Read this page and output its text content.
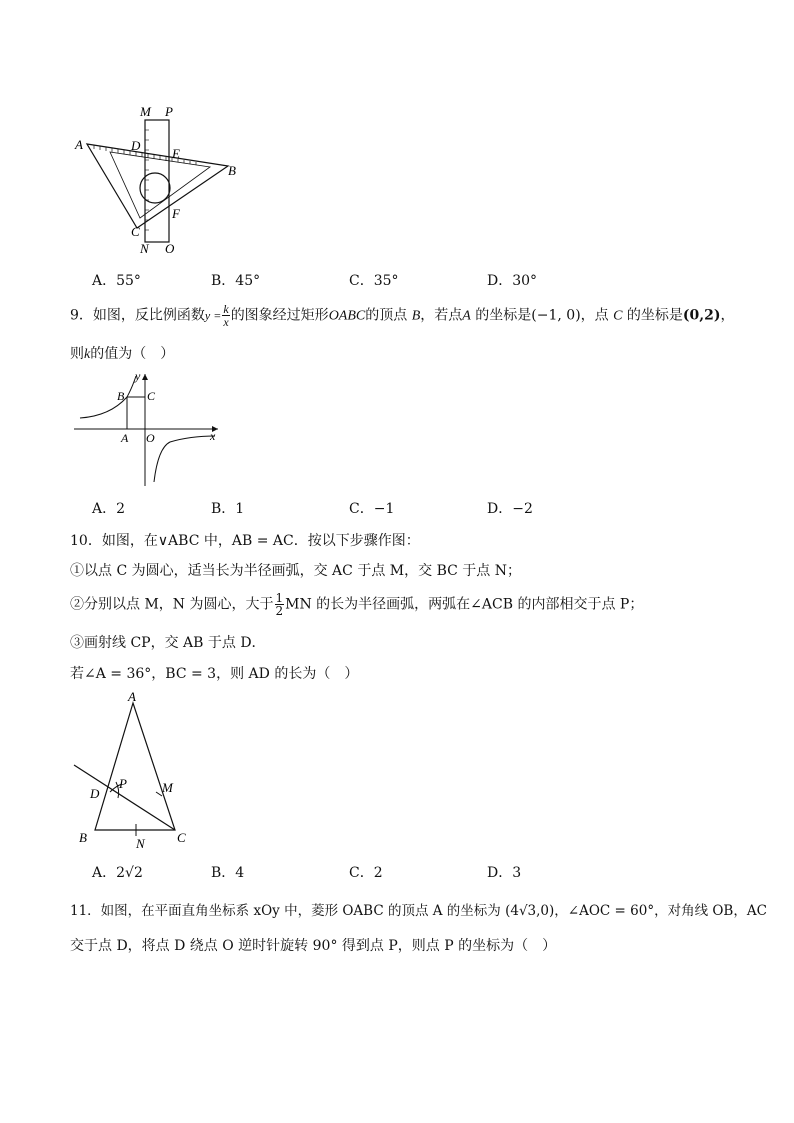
M P
A	D
E
B
C
F
N O
A．55°	B．45°	C．35°	D．30°
9．如图，反比例函数$y = \frac{k}{x}$ 的图象经过矩形OABC的顶点 B，若点A 的坐标是(−1, 0)，点 C 的坐标是(0,2)，
则k的值为（　）
y
B C
A O	x
A．2	B．1	C．−1	D．−2
10．如图，在∨ABC 中，AB = AC．按以下步骤作图：
①以点 C 为圆心，适当长为半径画弧，交 AC 于点 M，交 BC 于点 N；
②分别以点 M，N 为圆心，大于 $\frac{1}{2}$ MN 的长为半径画弧，两弧在∠ACB 的内部相交于点 P；
③画射线 CP，交 AB 于点 D．
若∠A = 36°，BC = 3，则 AD 的长为（　）
A
P	M
D
B	N C
A．2√2	B．4	C．2	D．3
11．如图，在平面直角坐标系 xOy 中，菱形 OABC 的顶点 A 的坐标为 (4√3,0)，∠AOC = 60°，对角线 OB，AC
交于点 D，将点 D 绕点 O 逆时针旋转 90° 得到点 P，则点 P 的坐标为（　）
